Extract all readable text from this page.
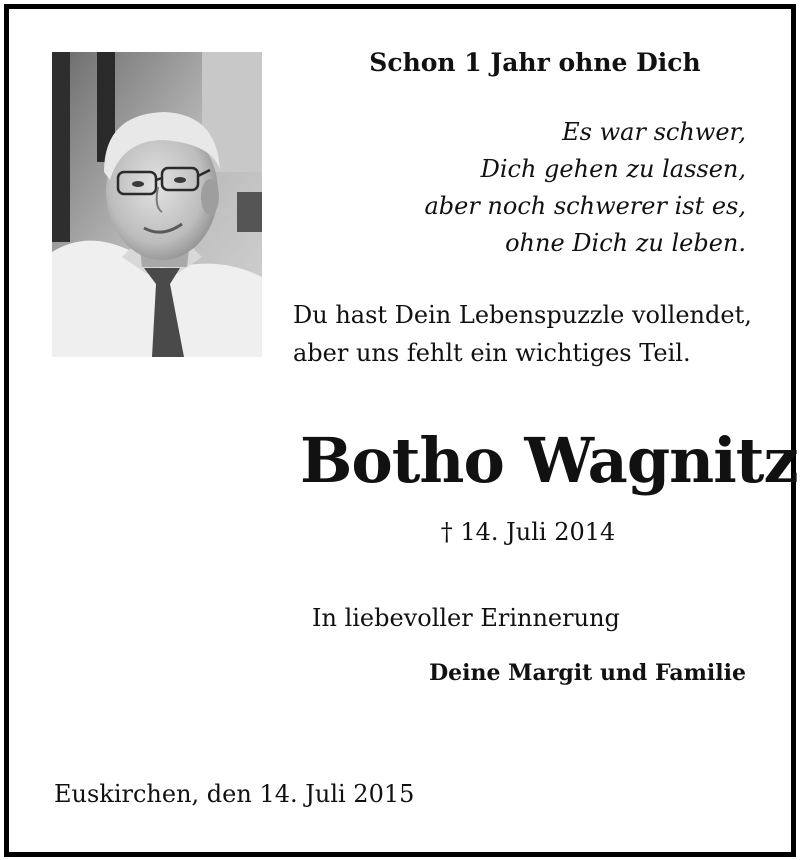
Schon 1 Jahr ohne Dich
Es war schwer,
Dich gehen zu lassen,
aber noch schwerer ist es,
ohne Dich zu leben.
Du hast Dein Lebenspuzzle vollendet,
aber uns fehlt ein wichtiges Teil.
Botho Wagnitz
† 14. Juli 2014
In liebevoller Erinnerung
Deine Margit und Familie
Euskirchen, den 14. Juli 2015
